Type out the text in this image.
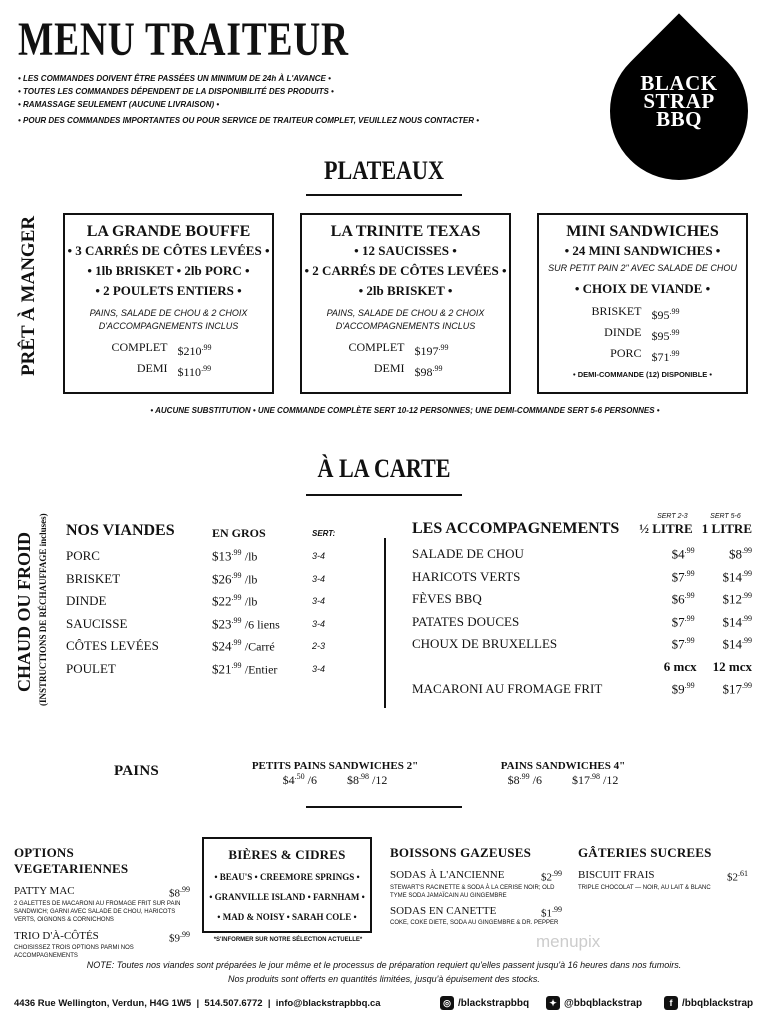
MENU TRAITEUR
• LES COMMANDES DOIVENT ÊTRE PASSÉES UN MINIMUM DE 24h À L'AVANCE •
• TOUTES LES COMMANDES DÉPENDENT DE LA DISPONIBILITÉ DES PRODUITS •
• RAMASSAGE SEULEMENT (AUCUNE LIVRAISON) •
• POUR DES COMMANDES IMPORTANTES OU POUR SERVICE DE TRAITEUR COMPLET, VEUILLEZ NOUS CONTACTER •
BLACK
STRAP
BBQ
PLATEAUX
PRÊT À MANGER	LA GRANDE BOUFFE
• 3 CARRÉS DE CÔTES LEVÉES •
• 1lb BRISKET • 2lb PORC •
• 2 POULETS ENTIERS •
PAINS, SALADE DE CHOU & 2 CHOIX D'ACCOMPAGNEMENTS INCLUS
COMPLET $\$210^{.99}$
DEMI $\$110^{.99}$
LA TRINITE TEXAS
• 12 SAUCISSES •
• 2 CARRÉS DE CÔTES LEVÉES •
• 2lb BRISKET •
PAINS, SALADE DE CHOU & 2 CHOIX D'ACCOMPAGNEMENTS INCLUS
COMPLET $\$197^{.99}$
DEMI $\$98^{.99}$
MINI SANDWICHES
• 24 MINI SANDWICHES •
SUR PETIT PAIN 2" AVEC SALADE DE CHOU
• CHOIX DE VIANDE •
BRISKET $\$95^{.99}$
DINDE $\$95^{.99}$
PORC $\$71^{.99}$
• DEMI-COMMANDE (12) DISPONIBLE •
• AUCUNE SUBSTITUTION • UNE COMMANDE COMPLÈTE SERT 10-12 PERSONNES; UNE DEMI-COMMANDE SERT 5-6 PERSONNES •
À LA CARTE
CHAUD OU FROID (INSTRUCTIONS DE RÉCHAUFFAGE incluses) NOS VIANDES	EN GROS	SERT:
PORC	$\$13^{.99}$ /lb	3-4
BRISKET	$\$26^{.99}$ /lb	3-4
DINDE	$\$22^{.99}$ /lb	3-4
SAUCISSE	$\$23^{.99}$ /6 liens	3-4
CÔTES LEVÉES	$\$24^{.99}$ /Carré	2-3
POULET	$\$21^{.99}$ /Entier	3-4
SERT 2-3	SERT 5-6
LES ACCOMPAGNEMENTS	½ LITRE 1 LITRE
SALADE DE CHOU	$\$4^{.99}$	$\$8^{.99}$
HARICOTS VERTS	$\$7^{.99}$	$\$14^{.99}$
FÈVES BBQ	$\$6^{.99}$	$\$12^{.99}$
PATATES DOUCES	$\$7^{.99}$	$\$14^{.99}$
CHOUX DE BRUXELLES	$\$7^{.99}$	$\$14^{.99}$
6 mcx	12 mcx
MACARONI AU FROMAGE FRIT	$\$9^{.99}$	$\$17^{.99}$
PAINS	PETITS PAINS SANDWICHES 2"
$\$4^{.50}$ /6	$\$8^{.98}$ /12
PAINS SANDWICHES 4"
$\$8^{.99}$ /6	$\$17^{.98}$ /12
OPTIONS VEGETARIENNES
PATTY MAC	$\$8^{.99}$
2 GALETTES DE MACARONI AU FROMAGE FRIT SUR PAIN SANDWICH; GARNI AVEC SALADE DE CHOU, HARICOTS VERTS, OIGNONS & CORNICHONS
TRIO D'À-CÔTÉS	$\$9^{.99}$
CHOISISSEZ TROIS OPTIONS PARMI NOS ACCOMPAGNEMENTS
BIÈRES & CIDRES
• BEAU'S • CREEMORE SPRINGS •
• GRANVILLE ISLAND • FARNHAM •
• MAD & NOISY • SARAH COLE •
*S'INFORMER SUR NOTRE SÉLECTION ACTUELLE*
BOISSONS GAZEUSES
SODAS À L'ANCIENNE	$\$2^{.99}$
STEWART'S RACINETTE & SODA À LA CERISE NOIR; OLD TYME SODA JAMAÏCAIN AU GINGEMBRE
SODAS EN CANETTE	$\$1^{.99}$
COKE, COKE DIETE, SODA AU GINGEMBRE & DR. PEPPER
GÂTERIES SUCREES
BISCUIT FRAIS	$\$2^{.61}$
TRIPLE CHOCOLAT — NOIR, AU LAIT & BLANC
menupix
NOTE: Toutes nos viandes sont préparées le jour même et le processus de préparation requiert qu'elles passent jusqu'à 16 heures dans nos fumoirs.
Nos produits sont offerts en quantités limitées, jusqu'à épuisement des stocks.
4436 Rue Wellington, Verdun, H4G 1W5  |  514.507.6772  |  info@blackstrapbbq.ca	◎ /blackstrapbbq	✦ @bbqblackstrap	f /bbqblackstrap
